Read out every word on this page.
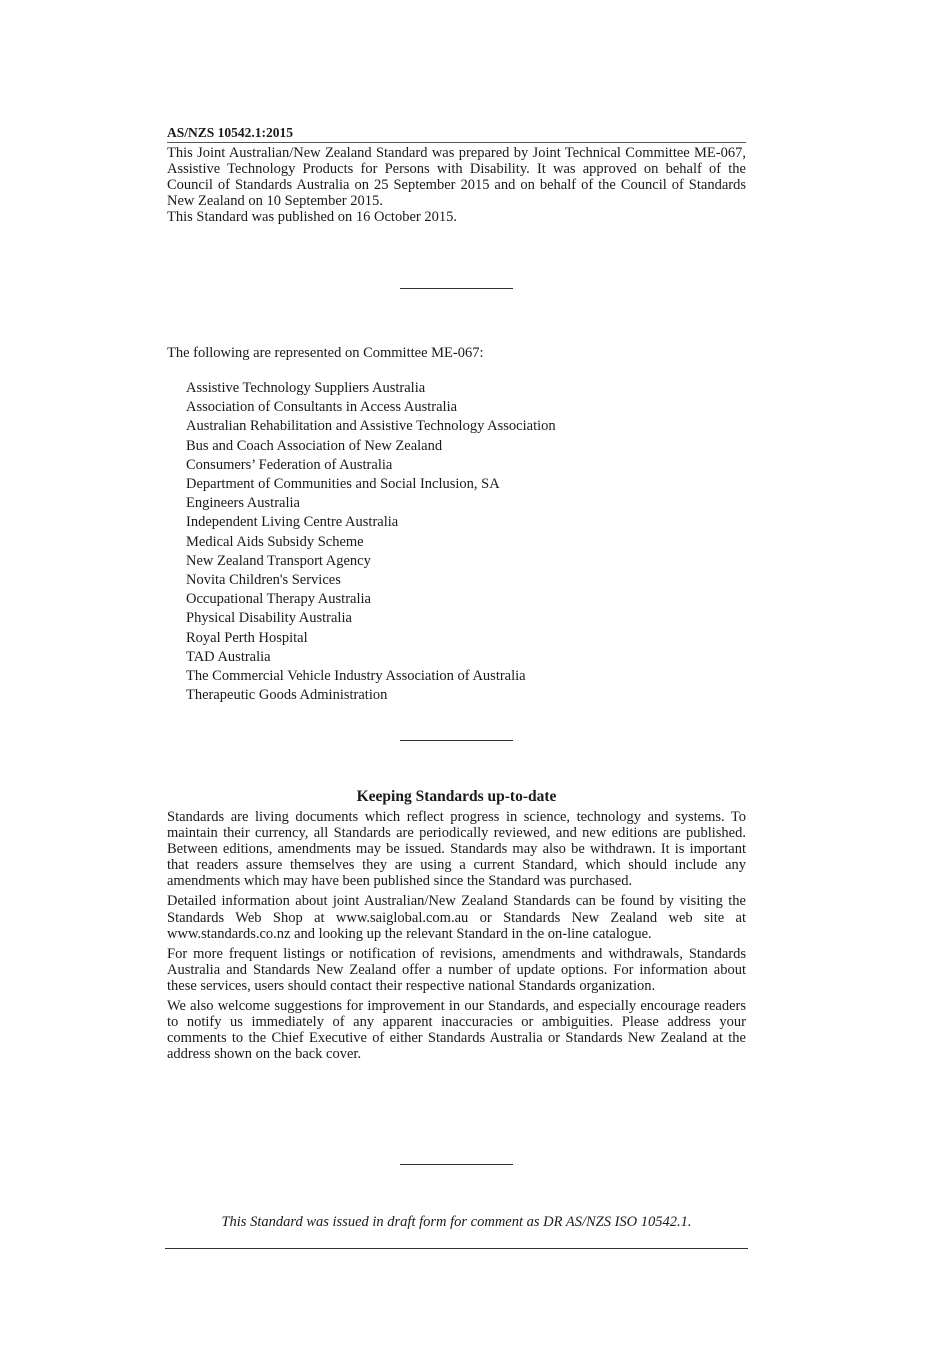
AS/NZS 10542.1:2015

This Joint Australian/New Zealand Standard was prepared by Joint Technical Committee ME-067, Assistive Technology Products for Persons with Disability. It was approved on behalf of the Council of Standards Australia on 25 September 2015 and on behalf of the Council of Standards New Zealand on 10 September 2015.

This Standard was published on 16 October 2015.

The following are represented on Committee ME-067:
Assistive Technology Suppliers Australia
Association of Consultants in Access Australia
Australian Rehabilitation and Assistive Technology Association
Bus and Coach Association of New Zealand
Consumers’ Federation of Australia
Department of Communities and Social Inclusion, SA
Engineers Australia
Independent Living Centre Australia
Medical Aids Subsidy Scheme
New Zealand Transport Agency
Novita Children's Services
Occupational Therapy Australia
Physical Disability Australia
Royal Perth Hospital
TAD Australia
The Commercial Vehicle Industry Association of Australia
Therapeutic Goods Administration
Keeping Standards up-to-date

Standards are living documents which reflect progress in science, technology and systems. To maintain their currency, all Standards are periodically reviewed, and new editions are published. Between editions, amendments may be issued. Standards may also be withdrawn. It is important that readers assure themselves they are using a current Standard, which should include any amendments which may have been published since the Standard was purchased.

Detailed information about joint Australian/New Zealand Standards can be found by visiting the Standards Web Shop at www.saiglobal.com.au or Standards New Zealand web site at www.standards.co.nz and looking up the relevant Standard in the on-line catalogue.

For more frequent listings or notification of revisions, amendments and withdrawals, Standards Australia and Standards New Zealand offer a number of update options. For information about these services, users should contact their respective national Standards organization.

We also welcome suggestions for improvement in our Standards, and especially encourage readers to notify us immediately of any apparent inaccuracies or ambiguities. Please address your comments to the Chief Executive of either Standards Australia or Standards New Zealand at the address shown on the back cover.

This Standard was issued in draft form for comment as DR AS/NZS ISO 10542.1.
